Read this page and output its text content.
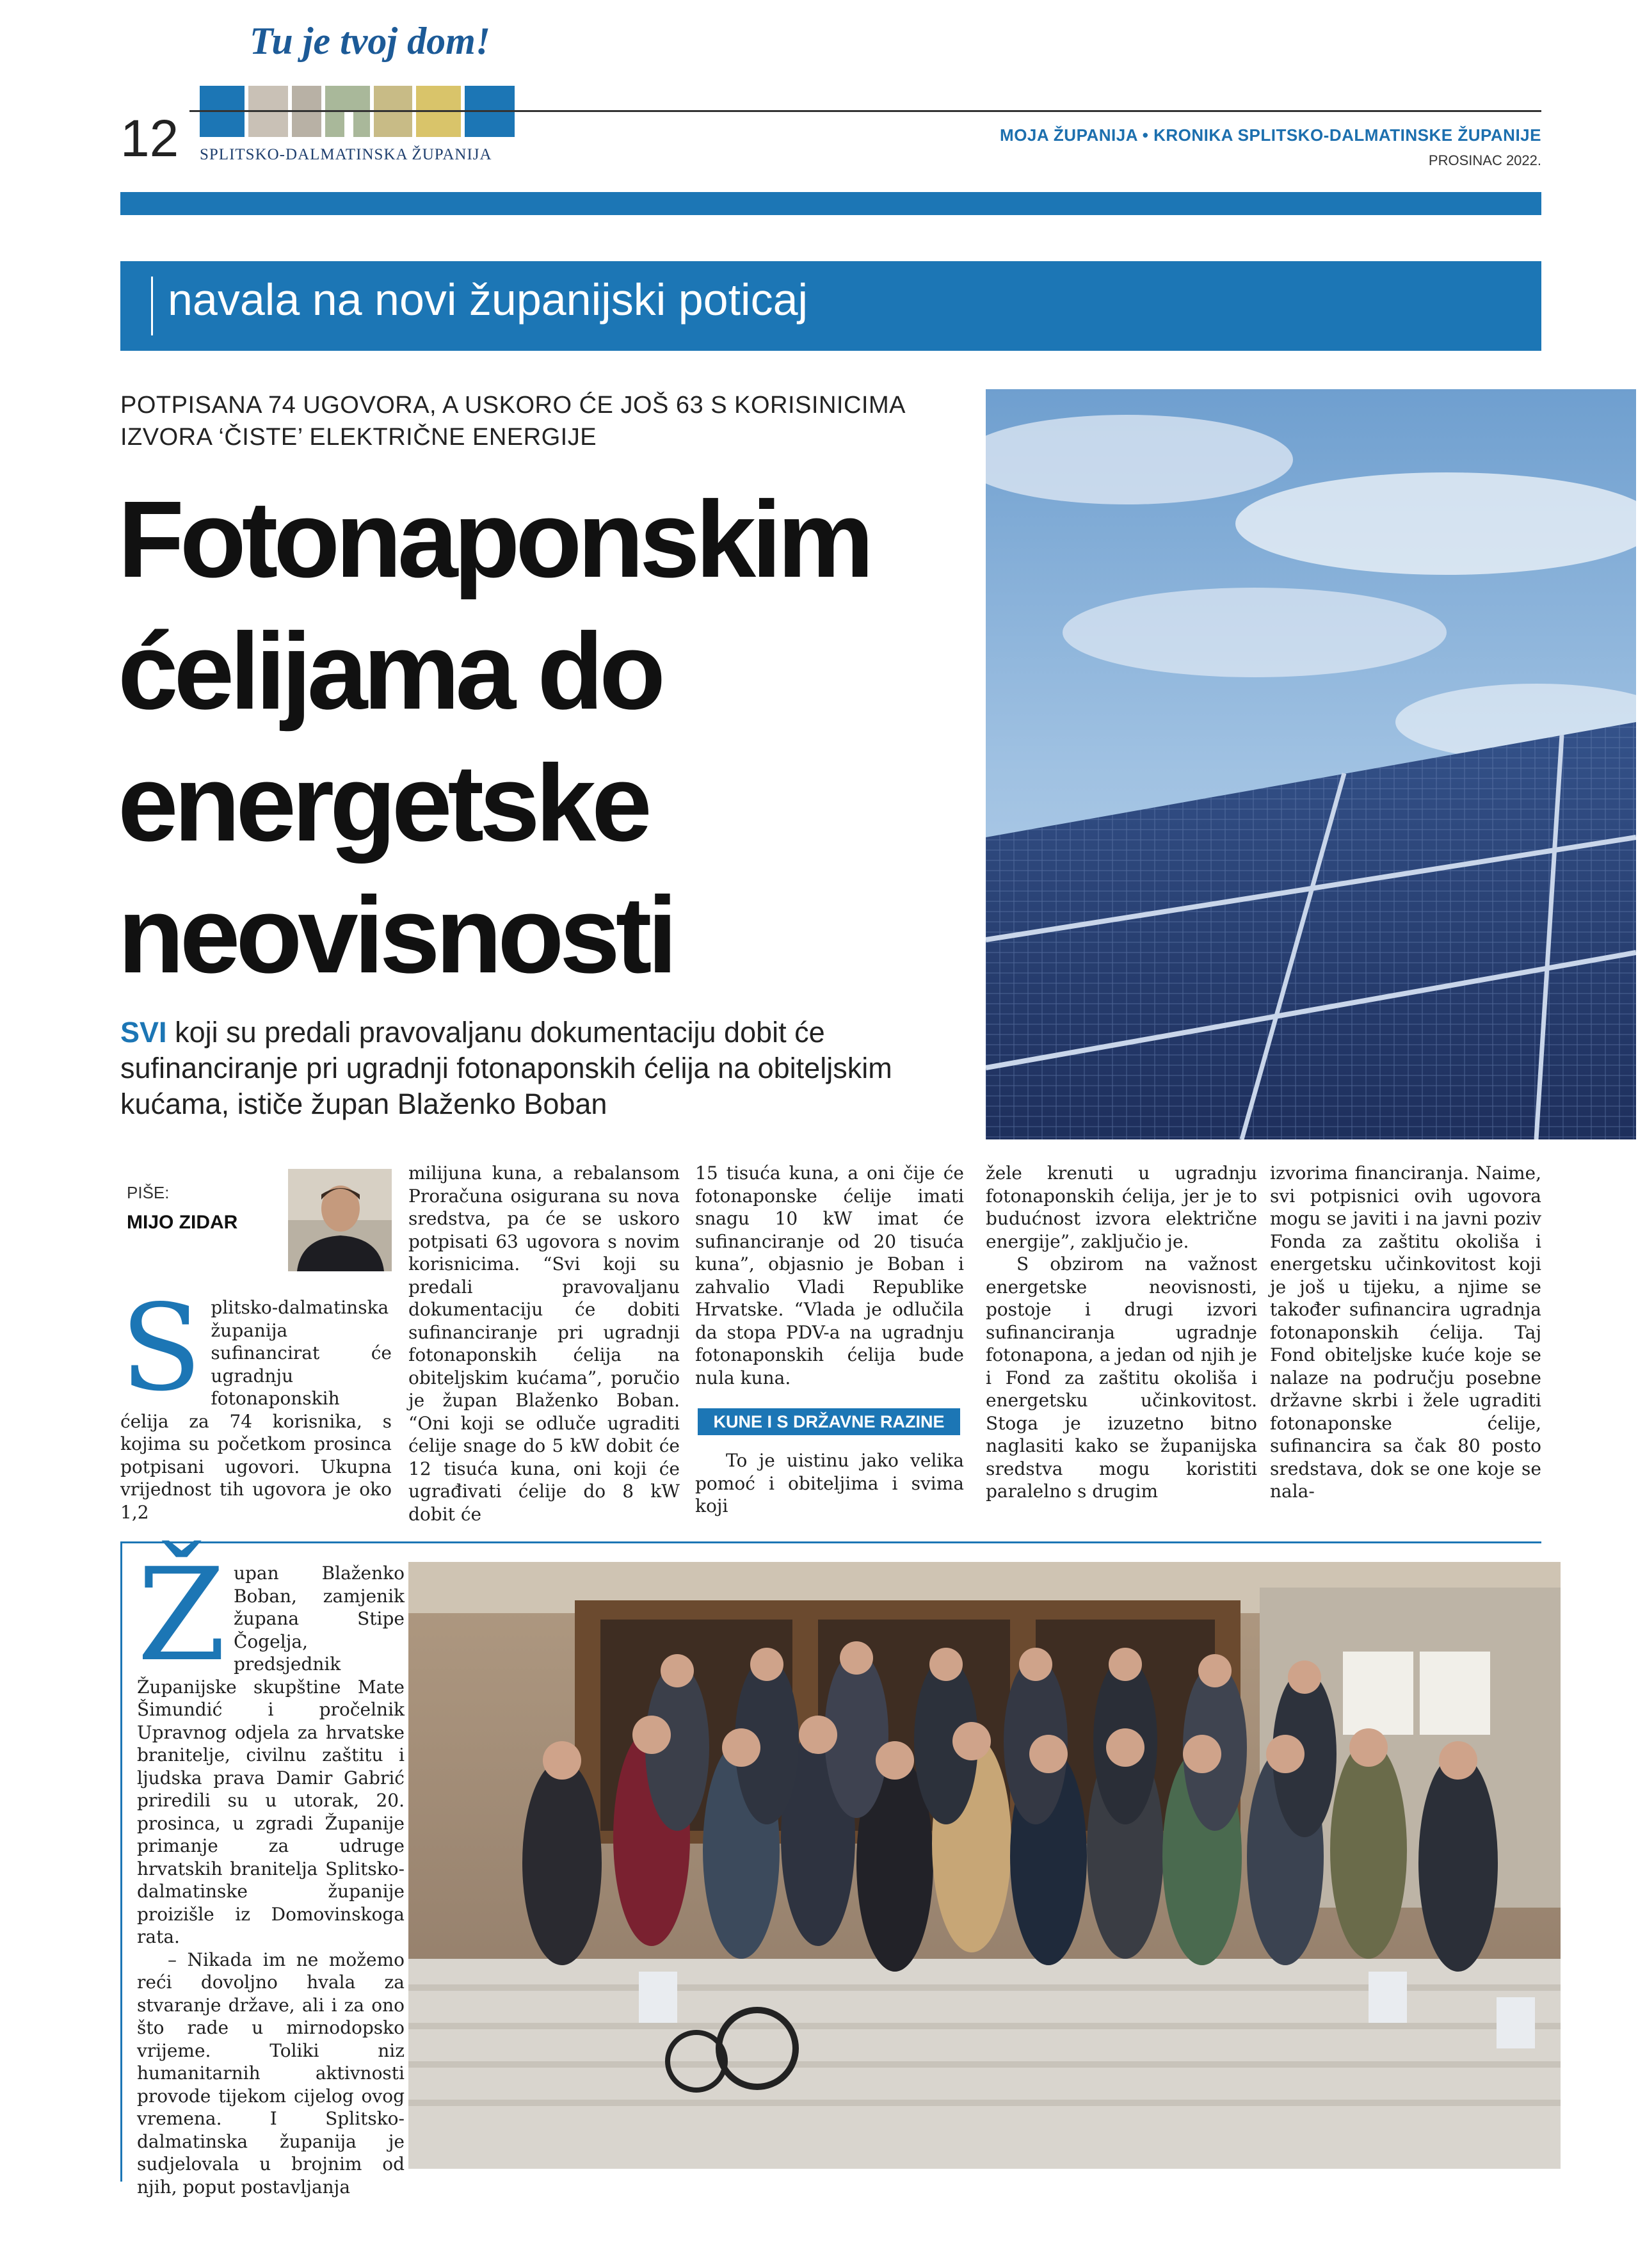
Tu je tvoj dom!
SPLITSKO-DALMATINSKA ŽUPANIJA
12	MOJA ŽUPANIJA • KRONIKA SPLITSKO-DALMATINSKE ŽUPANIJE
PROSINAC 2022.
navala na novi županijski poticaj
POTPISANA 74 UGOVORA, A USKORO ĆE JOŠ 63 S KORISINICIMA IZVORA ‘ČISTE’ ELEKTRIČNE ENERGIJE
Fotonaponskim
ćelijama do
energetske
neovisnosti
SVI koji su predali pravovaljanu dokumentaciju dobit će sufinanciranje pri ugradnji fotonaponskih ćelija na obiteljskim kućama, ističe župan Blaženko Boban
PIŠE:
MIJO ZIDAR
Splitsko-dalmatinska županija sufinancirat će ugradnju fotonaponskih ćelija za 74 korisnika, s kojima su početkom prosinca potpisani ugovori. Ukupna vrijednost tih ugovora je oko 1,2

milijuna kuna, a rebalansom Proračuna osigurana su nova sredstva, pa će se uskoro potpisati 63 ugovora s novim korisnicima. “Svi koji su predali pravovaljanu dokumentaciju će dobiti sufinanciranje pri ugradnji fotonaponskih ćelija na obiteljskim kućama”, poručio je župan Blaženko Boban. “Oni koji se odluče ugraditi ćelije snage do 5 kW dobit će 12 tisuća kuna, oni koji će ugrađivati ćelije do 8 kW dobit će

15 tisuća kuna, a oni čije će fotonaponske ćelije imati snagu 10 kW imat će sufinanciranje od 20 tisuća kuna”, objasnio je Boban i zahvalio Vladi Republike Hrvatske. “Vlada je odlučila da stopa PDV-a na ugradnju fotonaponskih ćelija bude nula kuna.

KUNE I S DRŽAVNE RAZINE

To je uistinu jako velika pomoć i obiteljima i svima koji

žele krenuti u ugradnju fotonaponskih ćelija, jer je to budućnost izvora električne energije”, zaključio je.

S obzirom na važnost energetske neovisnosti, postoje i drugi izvori sufinanciranja ugradnje fotonapona, a jedan od njih je i Fond za zaštitu okoliša i energetsku učinkovitost. Stoga je izuzetno bitno naglasiti kako se županijska sredstva mogu koristiti paralelno s drugim

izvorima financiranja. Naime, svi potpisnici ovih ugovora mogu se javiti i na javni poziv Fonda za zaštitu okoliša i energetsku učinkovitost koji je još u tijeku, a njime se također sufinancira ugradnja fotonaponskih ćelija. Taj Fond obiteljske kuće koje se nalaze na području posebne državne skrbi i žele ugraditi fotonaponske ćelije, sufinancira sa čak 80 posto sredstava, dok se one koje se nala-

Župan Blaženko Boban, zamjenik župana Stipe Čogelja, predsjednik Županijske skupštine Mate Šimundić i pročelnik Upravnog odjela za hrvatske branitelje, civilnu zaštitu i ljudska prava Damir Gabrić priredili su u utorak, 20. prosinca, u zgradi Županije primanje za udruge hrvatskih branitelja Splitsko-dalmatinske županije proizišle iz Domovinskoga rata.

– Nikada im ne možemo reći dovoljno hvala za stvaranje države, ali i za ono što rade u mirnodopsko vrijeme. Toliki niz humanitarnih aktivnosti provode tijekom cijelog ovog vremena. I Splitsko-dalmatinska županija je sudjelovala u brojnim od njih, poput postavljanja
